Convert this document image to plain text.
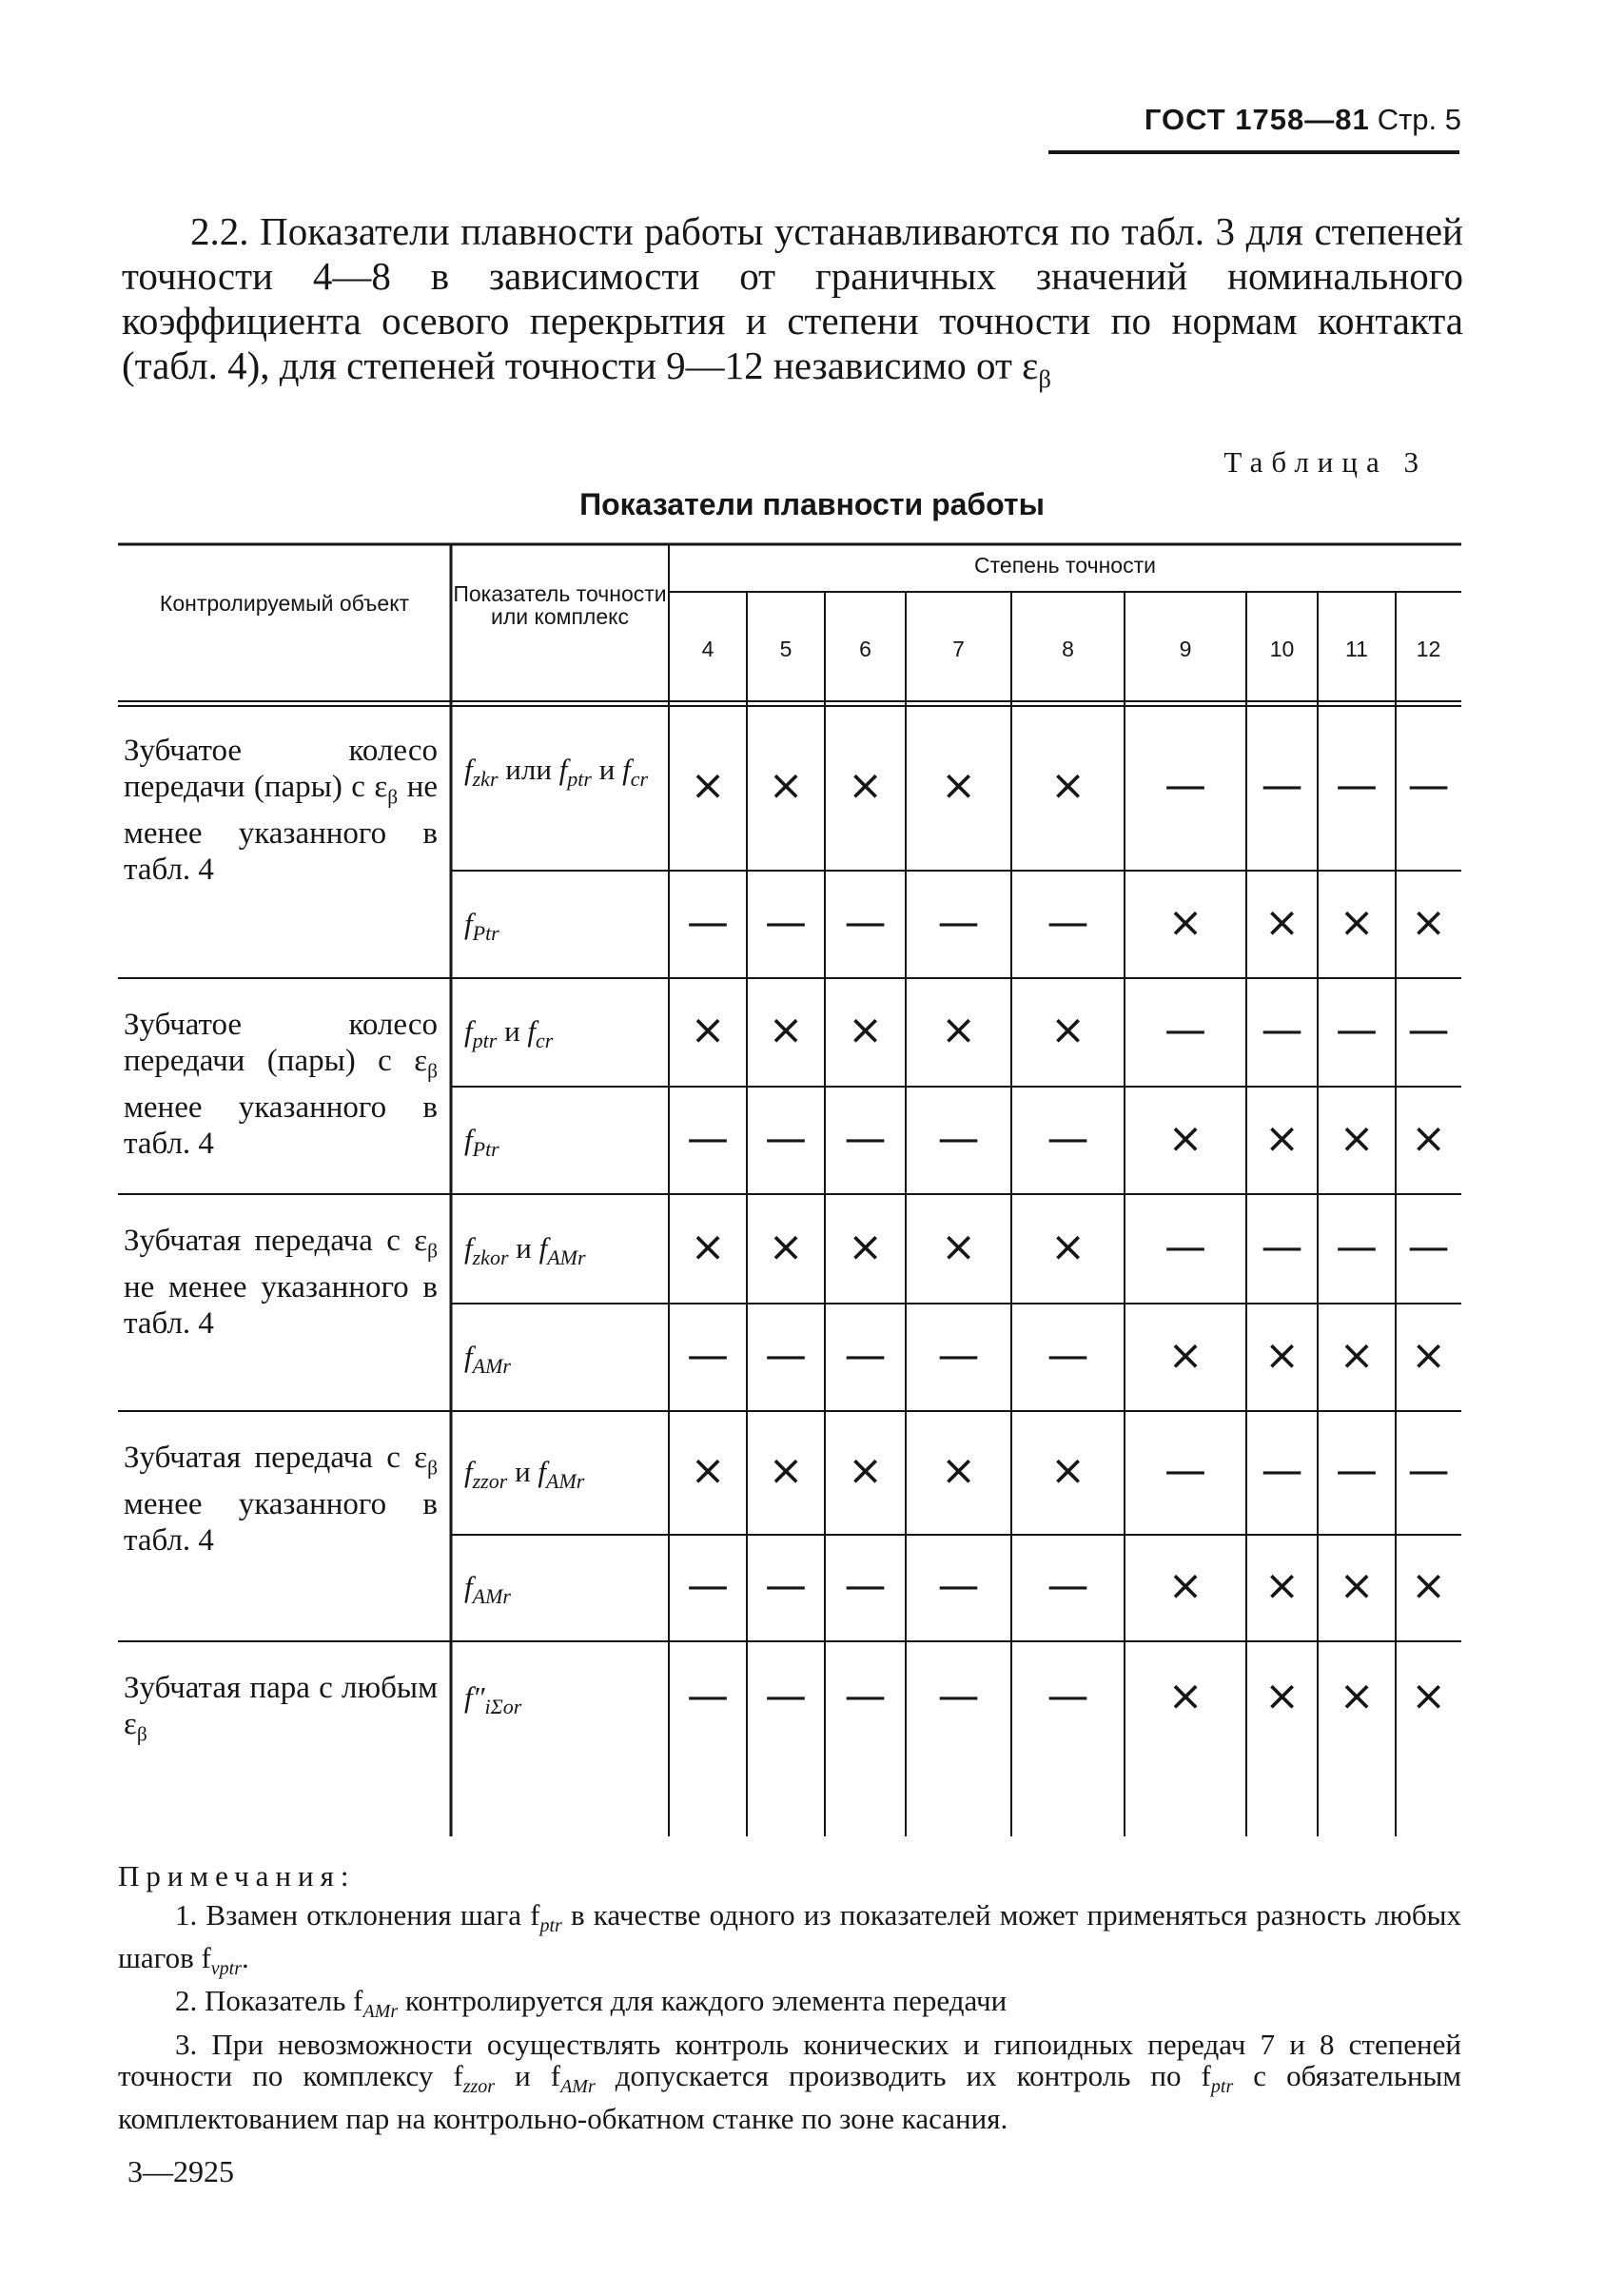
ГОСТ 1758—81 Стр. 5
2.2. Показатели плавности работы устанавливаются по табл. 3 для степеней точности 4—8 в зависимости от граничных значений номинального коэффициента осевого перекрытия и степени точности по нормам контакта (табл. 4), для степеней точности 9—12 независимо от $\varepsilon_\beta$
Таблица 3
Показатели плавности работы
Контролируемый объект	Показатель точности или комплекс
Степень точности
4	5	6	7	8	9	10	11	12
Зубчатое колесо передачи (пары) с $\varepsilon_\beta$ не менее указанного в табл. 4
$f_{zkr}$ или $f_{ptr}$ и $f_{cr}$	× × × × × — — — —
$f_{Ptr}$	— — — — — × × × ×
Зубчатое колесо передачи (пары) с $\varepsilon_\beta$ менее указанного в табл. 4
$f_{ptr}$ и $f_{cr}$	× × × × × — — — —
$f_{Ptr}$	— — — — — × × × ×
Зубчатая передача с $\varepsilon_\beta$ не менее указанного в табл. 4
$f_{zkor}$ и $f_{AMr}$	× × × × × — — — —
$f_{AMr}$	— — — — — × × × ×
Зубчатая передача с $\varepsilon_\beta$ менее указанного в табл. 4
$f_{zzor}$ и $f_{AMr}$	× × × × × — — — —
$f_{AMr}$	— — — — — × × × ×
Зубчатая пара с любым $\varepsilon_\beta$
$f''_{i\Sigma or}$	— — — — — × × × ×
Примечания:
1. Взамен отклонения шага $f_{ptr}$ в качестве одного из показателей может применяться разность любых шагов $f_{vptr}$.
2. Показатель $f_{AMr}$ контролируется для каждого элемента передачи
3. При невозможности осуществлять контроль конических и гипоидных передач 7 и 8 степеней точности по комплексу $f_{zzor}$ и $f_{AMr}$ допускается производить их контроль по $f_{ptr}$ с обязательным комплектованием пар на контрольно-обкатном станке по зоне касания.
3—2925
